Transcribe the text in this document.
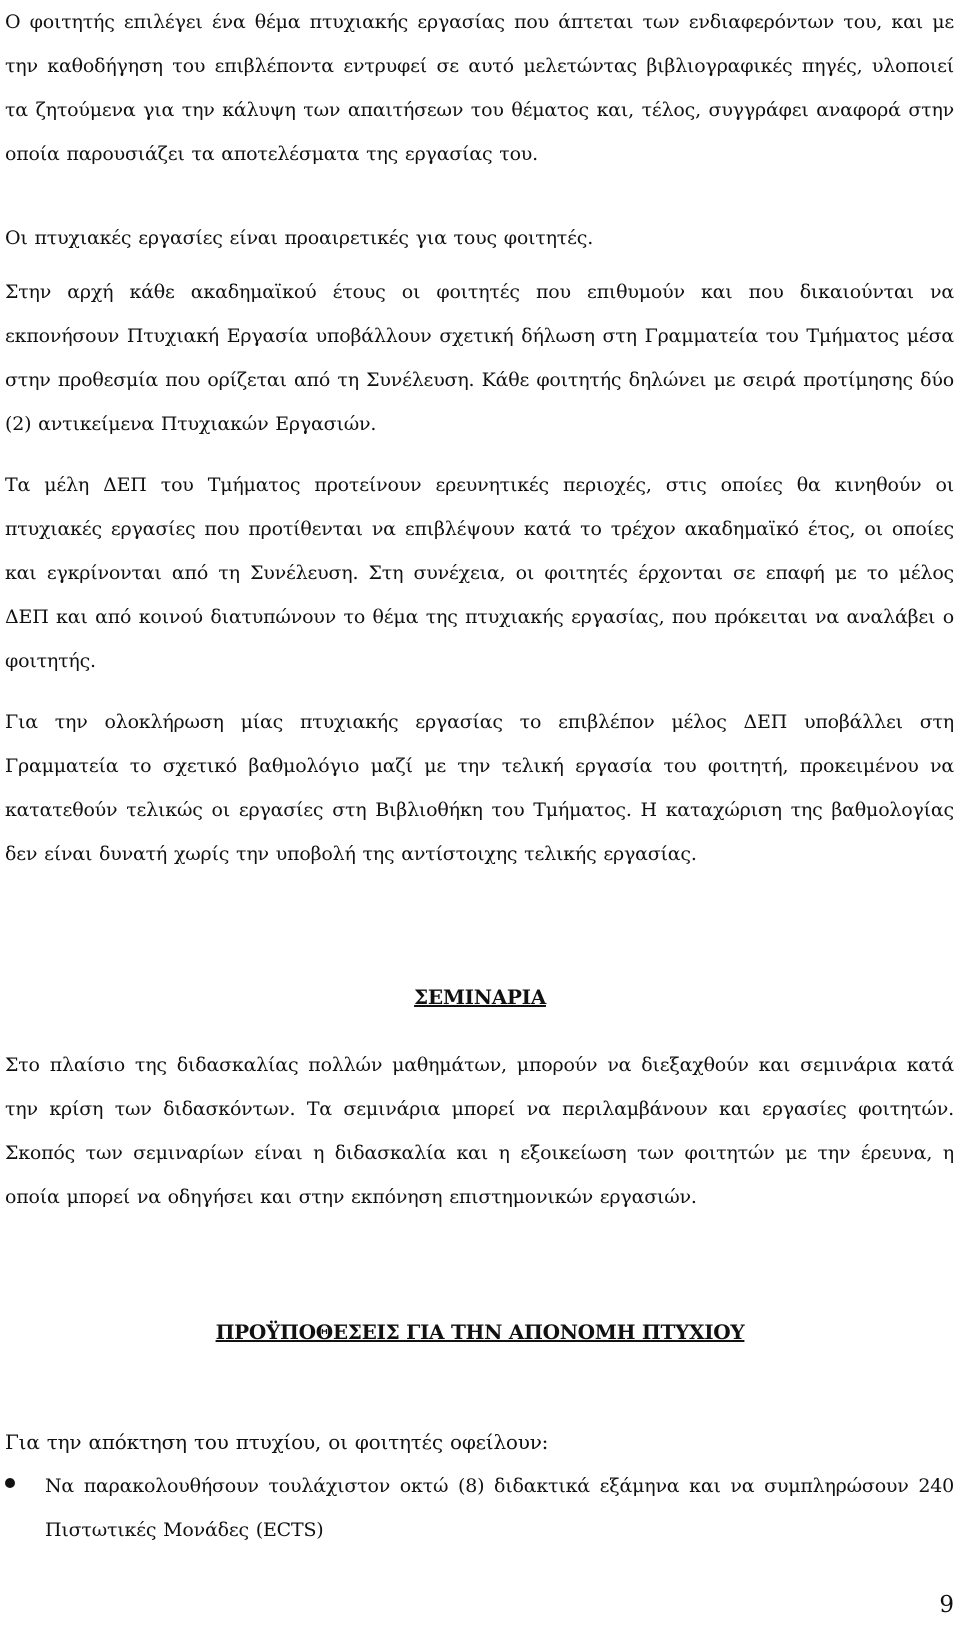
Ο φοιτητής επιλέγει ένα θέμα πτυχιακής εργασίας που άπτεται των ενδιαφερόντων του, και με την καθοδήγηση του επιβλέποντα εντρυφεί σε αυτό μελετώντας βιβλιογραφικές πηγές, υλοποιεί τα ζητούμενα για την κάλυψη των απαιτήσεων του θέματος και, τέλος, συγγράφει αναφορά στην οποία παρουσιάζει τα αποτελέσματα της εργασίας του.

Οι πτυχιακές εργασίες είναι προαιρετικές για τους φοιτητές.

Στην αρχή κάθε ακαδημαϊκού έτους οι φοιτητές που επιθυμούν και που δικαιούνται να εκπονήσουν Πτυχιακή Εργασία υποβάλλουν σχετική δήλωση στη Γραμματεία του Τμήματος μέσα στην προθεσμία που ορίζεται από τη Συνέλευση. Κάθε φοιτητής δηλώνει με σειρά προτίμησης δύο (2) αντικείμενα Πτυχιακών Εργασιών.

Τα μέλη ΔΕΠ του Τμήματος προτείνουν ερευνητικές περιοχές, στις οποίες θα κινηθούν οι πτυχιακές εργασίες που προτίθενται να επιβλέψουν κατά το τρέχον ακαδημαϊκό έτος, οι οποίες και εγκρίνονται από τη Συνέλευση. Στη συνέχεια, οι φοιτητές έρχονται σε επαφή με το μέλος ΔΕΠ και από κοινού διατυπώνουν το θέμα της πτυχιακής εργασίας, που πρόκειται να αναλάβει ο φοιτητής.

Για την ολοκλήρωση μίας πτυχιακής εργασίας το επιβλέπον μέλος ΔΕΠ υποβάλλει στη Γραμματεία το σχετικό βαθμολόγιο μαζί με την τελική εργασία του φοιτητή, προκειμένου να κατατεθούν τελικώς οι εργασίες στη Βιβλιοθήκη του Τμήματος. Η καταχώριση της βαθμολογίας δεν είναι δυνατή χωρίς την υποβολή της αντίστοιχης τελικής εργασίας.

ΣΕΜΙΝΑΡΙΑ

Στο πλαίσιο της διδασκαλίας πολλών μαθημάτων, μπορούν να διεξαχθούν και σεμινάρια κατά την κρίση των διδασκόντων. Τα σεμινάρια μπορεί να περιλαμβάνουν και εργασίες φοιτητών. Σκοπός των σεμιναρίων είναι η διδασκαλία και η εξοικείωση των φοιτητών με την έρευνα, η οποία μπορεί να οδηγήσει και στην εκπόνηση επιστημονικών εργασιών.

ΠΡΟΫΠΟΘΕΣΕΙΣ ΓΙΑ ΤΗΝ ΑΠΟΝΟΜΗ ΠΤΥΧΙΟΥ

Για την απόκτηση του πτυχίου, οι φοιτητές οφείλουν:

Να παρακολουθήσουν τουλάχιστον οκτώ (8) διδακτικά εξάμηνα και να συμπληρώσουν 240 Πιστωτικές Μονάδες (ECTS)
9
